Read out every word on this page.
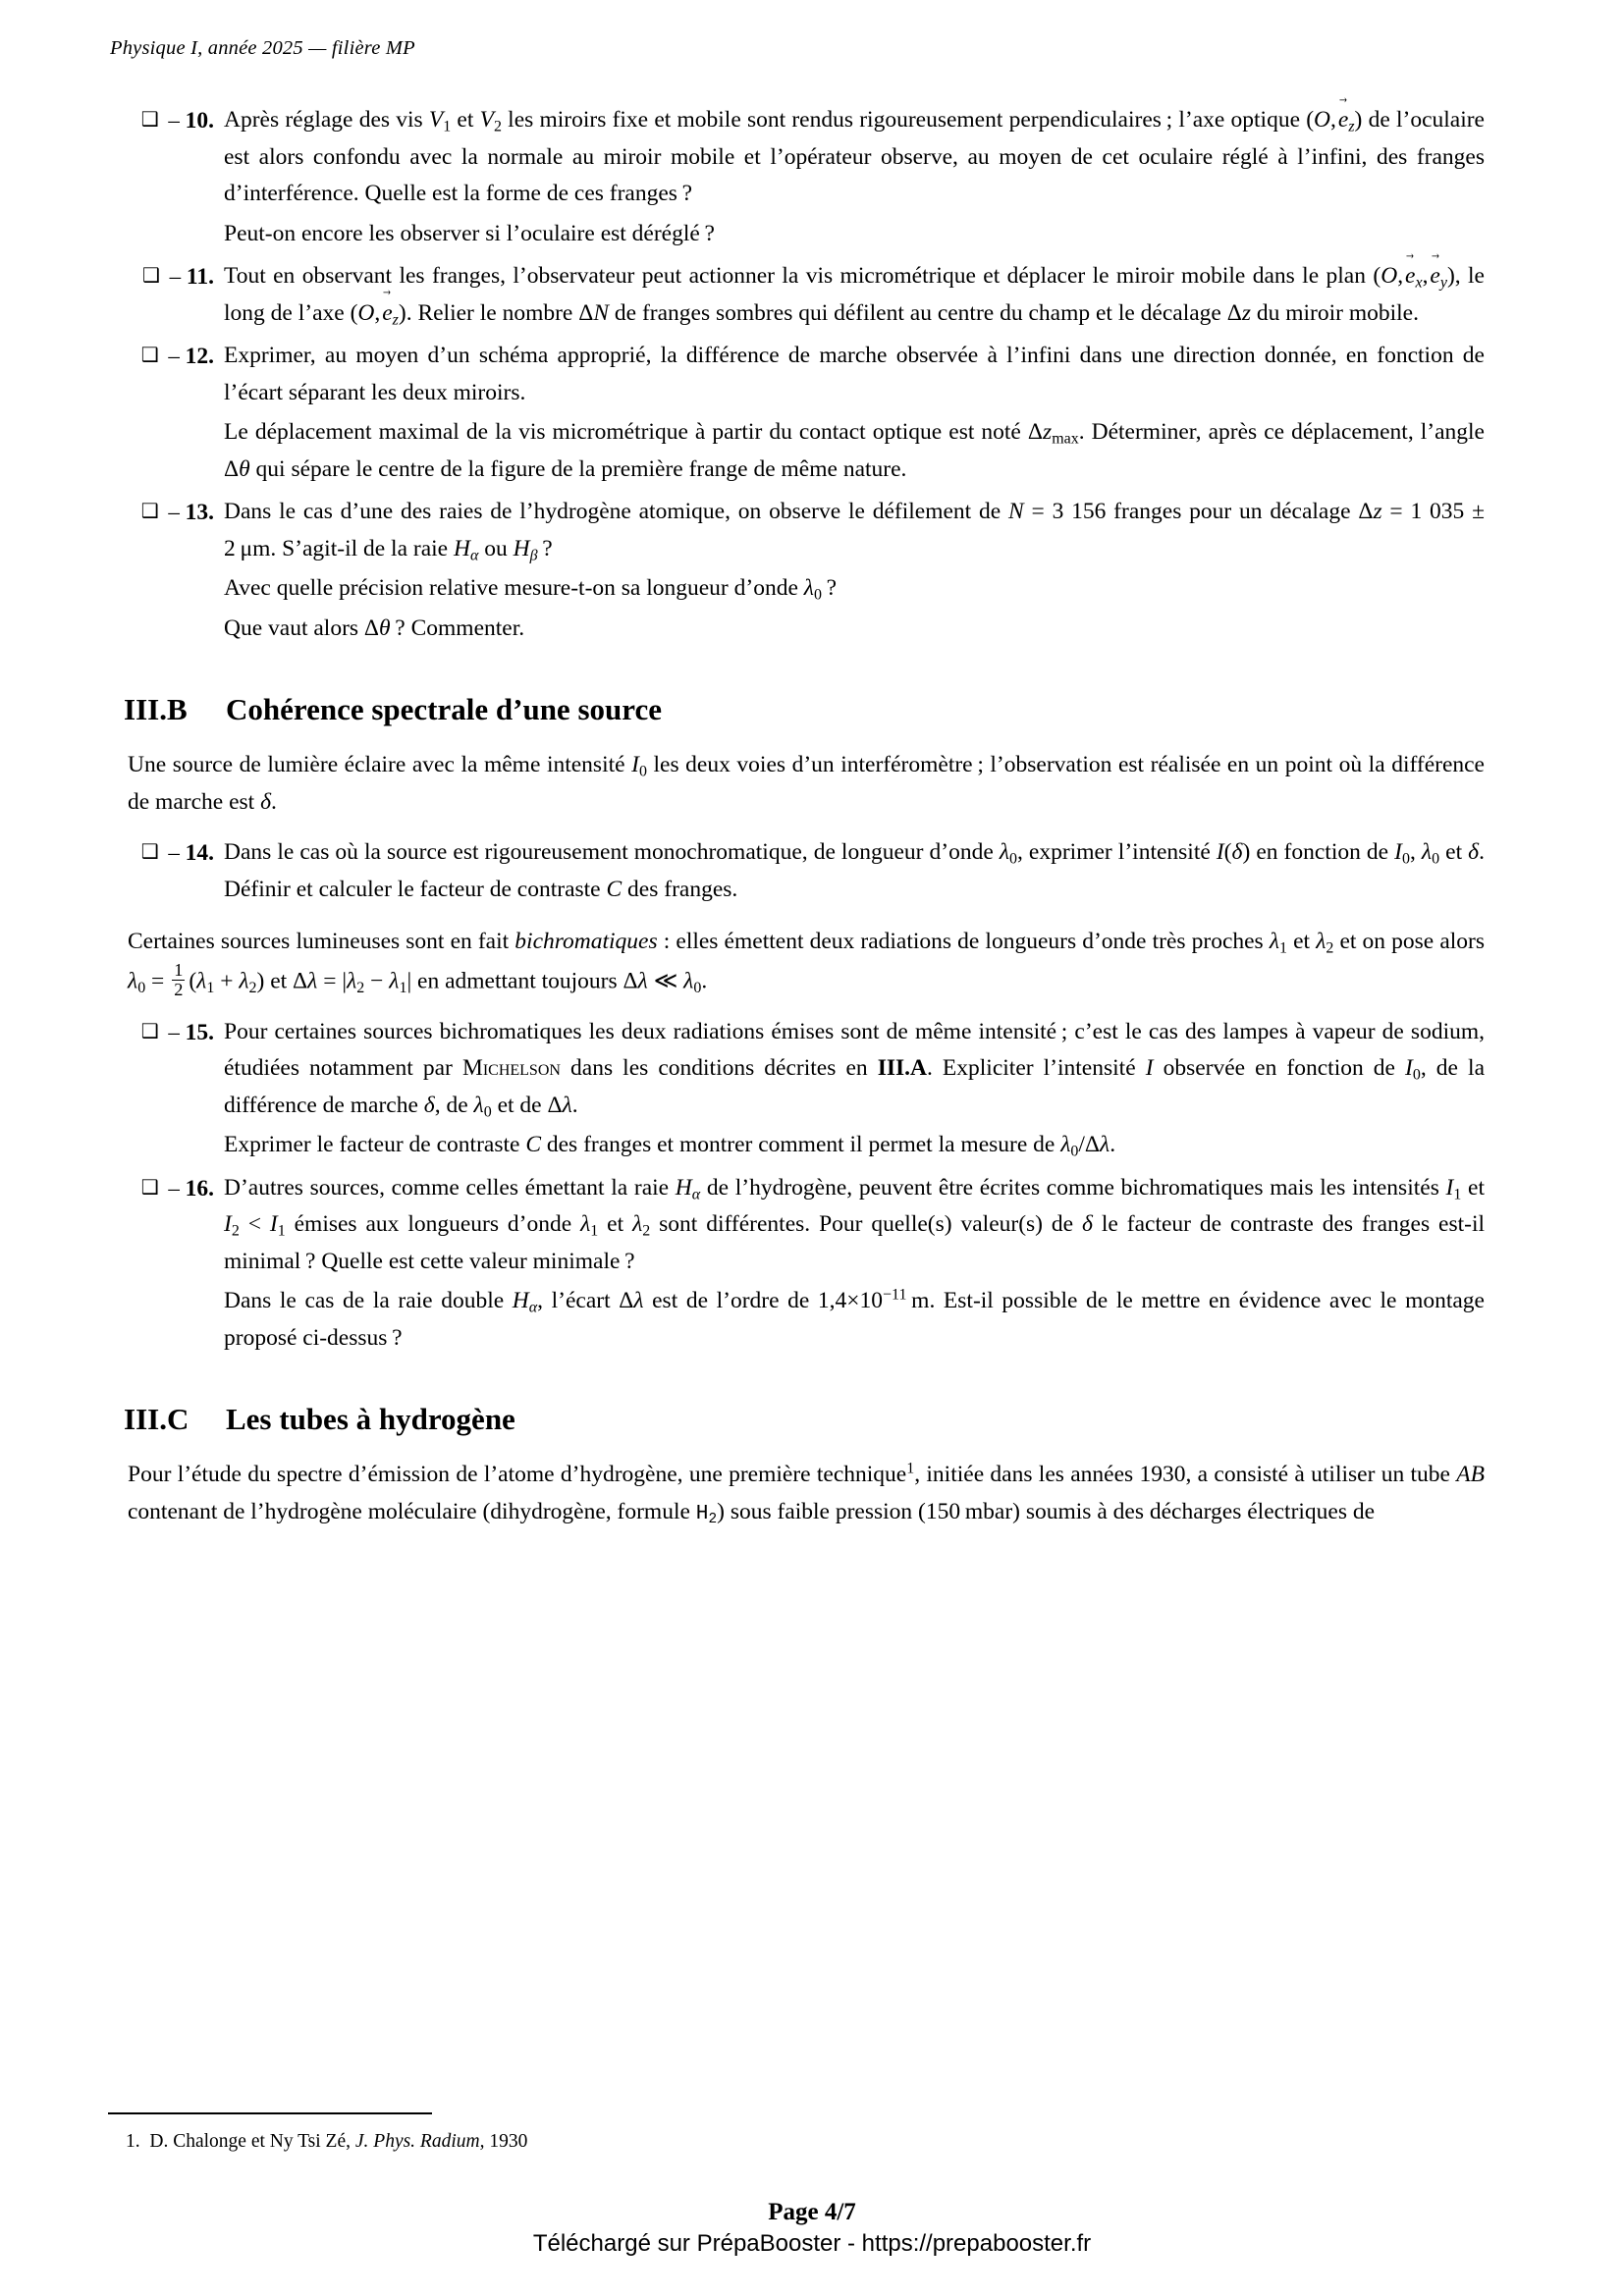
Physique I, année 2025 — filière MP
❑ – 10. Après réglage des vis $V_1$ et $V_2$ les miroirs fixe et mobile sont rendus rigoureusement perpendiculaires ; l’axe optique (O, $e \to_z$) de l’oculaire est alors confondu avec la normale au miroir mobile et l’opérateur observe, au moyen de cet oculaire réglé à l’infini, des franges d’interférence. Quelle est la forme de ces franges ?

Peut-on encore les observer si l’oculaire est déréglé ?

❑ – 11. Tout en observant les franges, l’observateur peut actionner la vis micrométrique et déplacer le miroir mobile dans le plan (O, $e \to_x$, $e \to_y$), le long de l’axe (O, $e \to_z$). Relier le nombre ΔN de franges sombres qui défilent au centre du champ et le décalage Δz du miroir mobile.

❑ – 12. Exprimer, au moyen d’un schéma approprié, la différence de marche observée à l’infini dans une direction donnée, en fonction de l’écart séparant les deux miroirs.

Le déplacement maximal de la vis micrométrique à partir du contact optique est noté $\Delta z_{max}$. Déterminer, après ce déplacement, l’angle Δθ qui sépare le centre de la figure de la première frange de même nature.

❑ – 13. Dans le cas d’une des raies de l’hydrogène atomique, on observe le défilement de N = 3 156 franges pour un décalage Δz = 1 035 ± 2  μm. S’agit-il de la raie $H_\alpha$ ou $H_\beta$ ?

Avec quelle précision relative mesure-t-on sa longueur d’onde $\lambda_0$ ?

Que vaut alors Δθ ? Commenter.

III.B	Cohérence spectrale d’une source

Une source de lumière éclaire avec la même intensité $I_0$ les deux voies d’un interféromètre ; l’observation est réalisée en un point où la différence de marche est δ.

❑ – 14. Dans le cas où la source est rigoureusement monochromatique, de longueur d’onde $\lambda_0$, exprimer l’intensité I(δ) en fonction de $I_0$, $\lambda_0$ et δ. Définir et calculer le facteur de contraste C des franges.

Certaines sources lumineuses sont en fait bichromatiques : elles émettent deux radiations de longueurs d’onde très proches $\lambda_1$ et $\lambda_2$ et on pose alors $\lambda_0 = \frac{1}{2}$  $(\lambda_1 + \lambda_2)$ et $\Delta\lambda = |\lambda_2 - \lambda_1|$ en admettant toujours Δλ ≪ $\lambda_0$.

❑ – 15. Pour certaines sources bichromatiques les deux radiations émises sont de même intensité ; c’est le cas des lampes à vapeur de sodium, étudiées notamment par Michelson dans les conditions décrites en III.A. Expliciter l’intensité I observée en fonction de $I_0$, de la différence de marche δ, de $\lambda_0$ et de Δλ.

Exprimer le facteur de contraste C des franges et montrer comment il permet la mesure de $\lambda_0/\Delta\lambda$.

❑ – 16. D’autres sources, comme celles émettant la raie $H_\alpha$ de l’hydrogène, peuvent être écrites comme bichromatiques mais les intensités $I_1$ et $I_2 < I_1$ émises aux longueurs d’onde $\lambda_1$ et $\lambda_2$ sont différentes. Pour quelle(s) valeur(s) de δ le facteur de contraste des franges est-il minimal ? Quelle est cette valeur minimale ?

Dans le cas de la raie double $H_\alpha$, l’écart Δλ est de l’ordre de $1,4\times 10^{-11}$  m. Est-il possible de le mettre en évidence avec le montage proposé ci-dessus ?

III.C	Les tubes à hydrogène

Pour l’étude du spectre d’émission de l’atome d’hydrogène, une première technique$^1$, initiée dans les années 1930, a consisté à utiliser un tube AB contenant de l’hydrogène moléculaire (dihydrogène, formule $H_2$) sous faible pression (150  mbar) soumis à des décharges électriques de

1. D. Chalonge et Ny Tsi Zé, J. Phys. Radium, 1930
Page 4/7
Téléchargé sur PrépaBooster - https://prepabooster.fr
